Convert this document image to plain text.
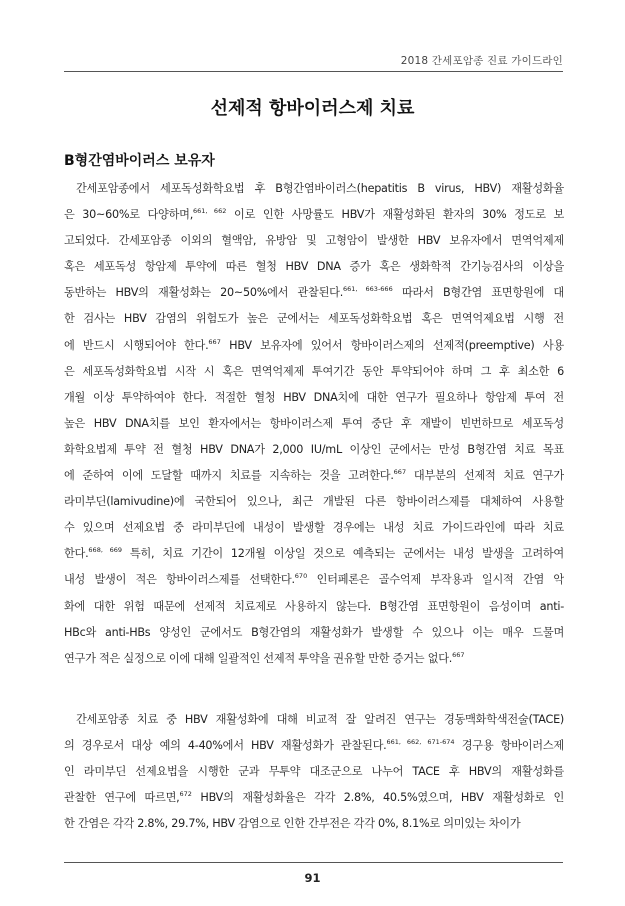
2018 간세포암종 진료 가이드라인
선제적 항바이러스제 치료
B형간염바이러스 보유자
간세포암종에서 세포독성화학요법 후 B형간염바이러스(hepatitis B virus, HBV) 재활성화율
은 30~60%로 다양하며,$^{661, 662}$ 이로 인한 사망률도 HBV가 재활성화된 환자의 30% 정도로 보
고되었다. 간세포암종 이외의 혈액암, 유방암 및 고형암이 발생한 HBV 보유자에서 면역억제제
혹은 세포독성 항암제 투약에 따른 혈청 HBV DNA 증가 혹은 생화학적 간기능검사의 이상을
동반하는 HBV의 재활성화는 20~50%에서 관찰된다.$^{661, 663-666}$ 따라서 B형간염 표면항원에 대
한 검사는 HBV 감염의 위험도가 높은 군에서는 세포독성화학요법 혹은 면역억제요법 시행 전
에 반드시 시행되어야 한다.$^{667}$ HBV 보유자에 있어서 항바이러스제의 선제적(preemptive) 사용
은 세포독성화학요법 시작 시 혹은 면역억제제 투여기간 동안 투약되어야 하며 그 후 최소한 6
개월 이상 투약하여야 한다. 적절한 혈청 HBV DNA치에 대한 연구가 필요하나 항암제 투여 전
높은 HBV DNA치를 보인 환자에서는 항바이러스제 투여 중단 후 재발이 빈번하므로 세포독성
화학요법제 투약 전 혈청 HBV DNA가 2,000 IU/mL 이상인 군에서는 만성 B형간염 치료 목표
에 준하여 이에 도달할 때까지 치료를 지속하는 것을 고려한다.$^{667}$ 대부분의 선제적 치료 연구가
라미부딘(lamivudine)에 국한되어 있으나, 최근 개발된 다른 항바이러스제를 대체하여 사용할
수 있으며 선제요법 중 라미부딘에 내성이 발생할 경우에는 내성 치료 가이드라인에 따라 치료
한다.$^{668, 669}$ 특히, 치료 기간이 12개월 이상일 것으로 예측되는 군에서는 내성 발생을 고려하여
내성 발생이 적은 항바이러스제를 선택한다.$^{670}$ 인터페론은 골수억제 부작용과 일시적 간염 악
화에 대한 위험 때문에 선제적 치료제로 사용하지 않는다. B형간염 표면항원이 음성이며 anti-
HBc와 anti-HBs 양성인 군에서도 B형간염의 재활성화가 발생할 수 있으나 이는 매우 드물며
연구가 적은 실정으로 이에 대해 일괄적인 선제적 투약을 권유할 만한 증거는 없다.$^{667}$
간세포암종 치료 중 HBV 재활성화에 대해 비교적 잘 알려진 연구는 경동맥화학색전술(TACE)
의 경우로서 대상 예의 4-40%에서 HBV 재활성화가 관찰된다.$^{661, 662, 671-674}$ 경구용 항바이러스제
인 라미부딘 선제요법을 시행한 군과 무투약 대조군으로 나누어 TACE 후 HBV의 재활성화를
관찰한 연구에 따르면,$^{672}$ HBV의 재활성화율은 각각 2.8%, 40.5%였으며, HBV 재활성화로 인
한 간염은 각각 2.8%, 29.7%, HBV 감염으로 인한 간부전은 각각 0%, 8.1%로 의미있는 차이가
91
